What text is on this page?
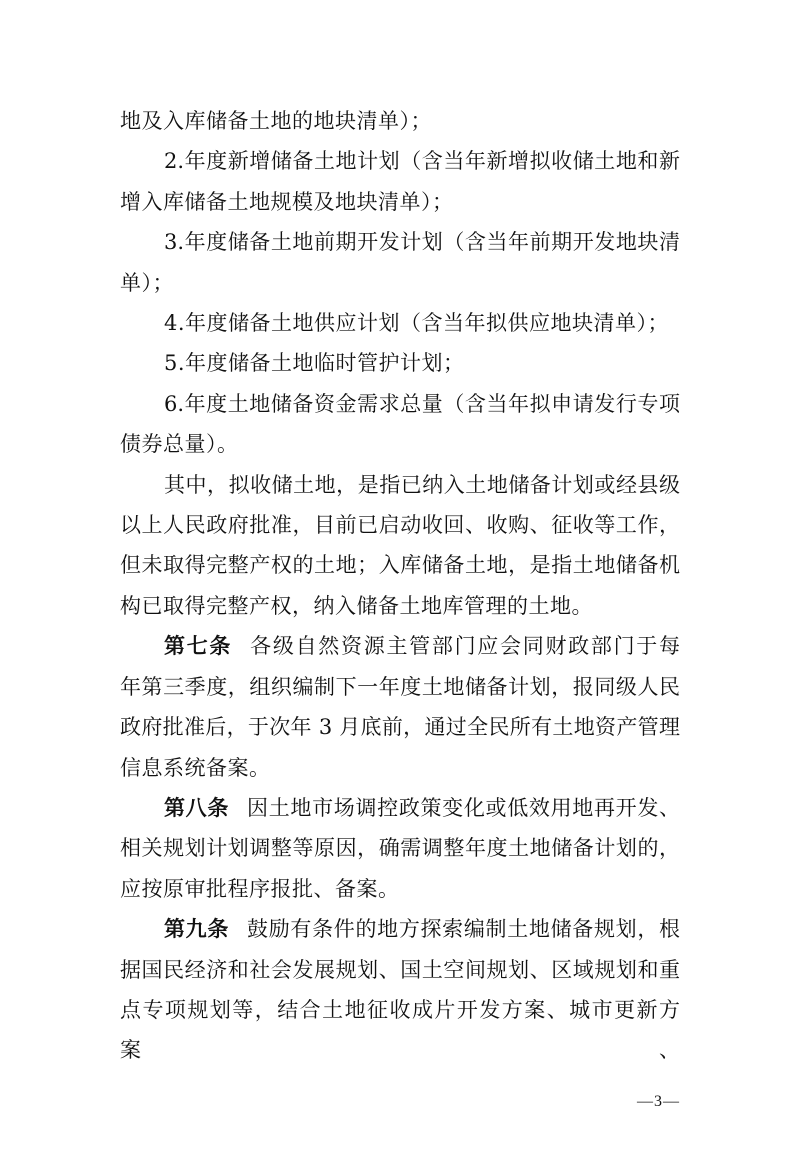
地及入库储备土地的地块清单）；
2.年度新增储备土地计划（含当年新增拟收储土地和新
增入库储备土地规模及地块清单）；
3.年度储备土地前期开发计划（含当年前期开发地块清
单）；
4.年度储备土地供应计划（含当年拟供应地块清单）；
5.年度储备土地临时管护计划；
6.年度土地储备资金需求总量（含当年拟申请发行专项
债券总量）。
其中，拟收储土地，是指已纳入土地储备计划或经县级
以上人民政府批准，目前已启动收回、收购、征收等工作，
但未取得完整产权的土地；入库储备土地，是指土地储备机
构已取得完整产权，纳入储备土地库管理的土地。
第七条 各级自然资源主管部门应会同财政部门于每
年第三季度，组织编制下一年度土地储备计划，报同级人民
政府批准后，于次年 3 月底前，通过全民所有土地资产管理
信息系统备案。
第八条 因土地市场调控政策变化或低效用地再开发、
相关规划计划调整等原因，确需调整年度土地储备计划的，
应按原审批程序报批、备案。
第九条 鼓励有条件的地方探索编制土地储备规划，根
据国民经济和社会发展规划、国土空间规划、区域规划和重
点专项规划等，结合土地征收成片开发方案、城市更新方案、
—3—
